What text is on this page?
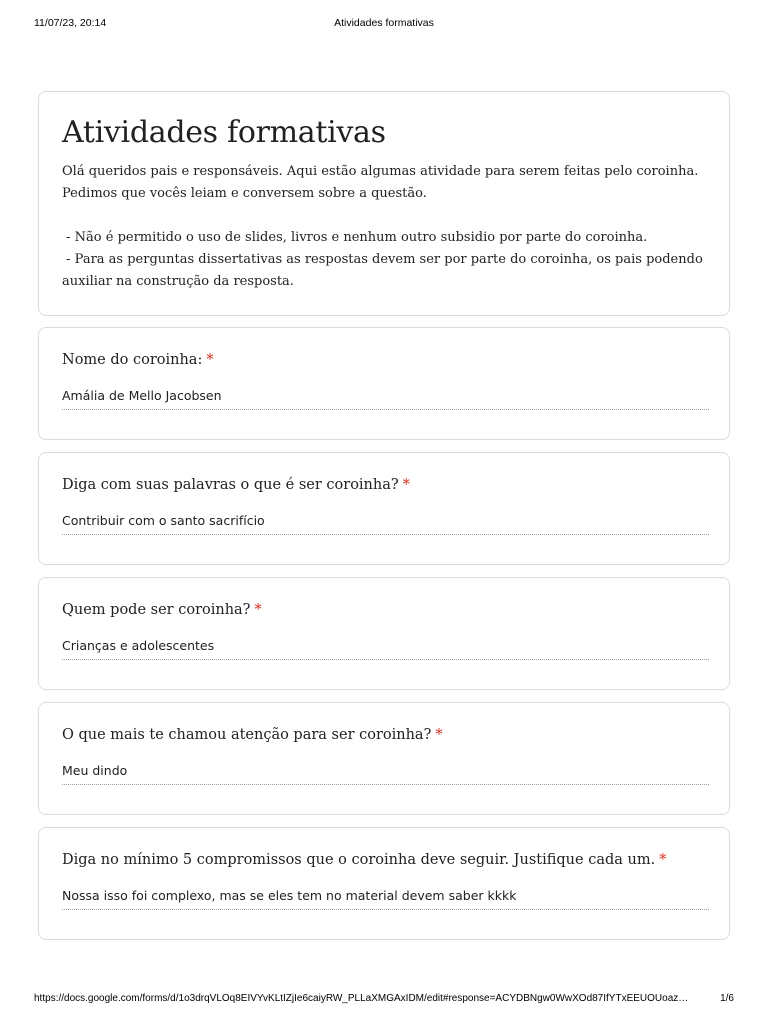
11/07/23, 20:14	Atividades formativas
Atividades formativas
Olá queridos pais e responsáveis. Aqui estão algumas atividade para serem feitas pelo coroinha.
Pedimos que vocês leiam e conversem sobre a questão.

- Não é permitido o uso de slides, livros e nenhum outro subsidio por parte do coroinha.
- Para as perguntas dissertativas as respostas devem ser por parte do coroinha, os pais podendo auxiliar na construção da resposta.
Nome do coroinha: *
Amália de Mello Jacobsen
Diga com suas palavras o que é ser coroinha? *
Contribuir com o santo sacrifício
Quem pode ser coroinha? *
Crianças e adolescentes
O que mais te chamou atenção para ser coroinha? *
Meu dindo
Diga no mínimo 5 compromissos que o coroinha deve seguir. Justifique cada um. *
Nossa isso foi complexo, mas se eles tem no material devem saber kkkk
https://docs.google.com/forms/d/1o3drqVLOq8EIVYvKLtIZjIe6caiyRW_PLLaXMGAxIDM/edit#response=ACYDBNgw0WwXOd87IfYTxEEUOUoaz…	1/6
